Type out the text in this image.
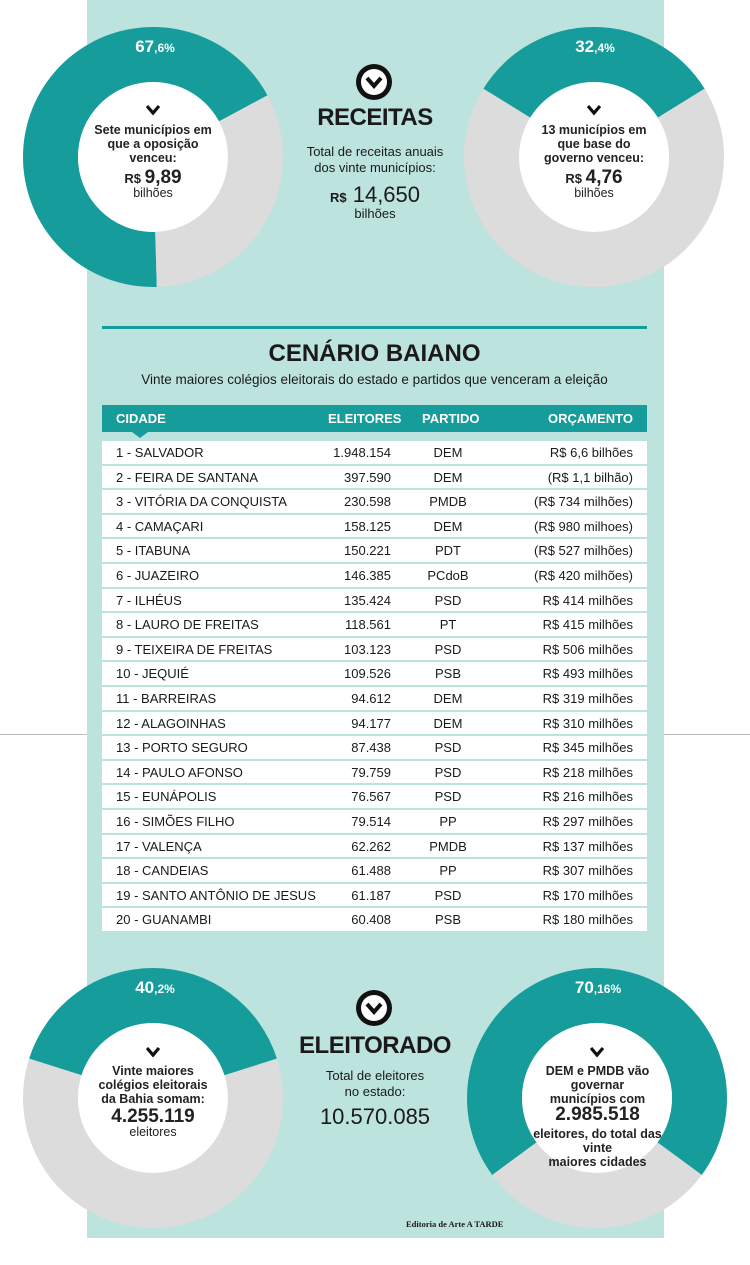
67,6%
Sete municípios em
que a oposição
venceu:
R$ 9,89
bilhões
32,4%
13 municípios em
que base do
governo venceu:
R$ 4,76
bilhões
RECEITAS
Total de receitas anuais
dos vinte municípios:
R$ 14,650
bilhões
CENÁRIO BAIANO
Vinte maiores colégios eleitorais do estado e partidos que venceram a eleição
CIDADE	ELEITORES PARTIDO	ORÇAMENTO
1 - SALVADOR	1.948.154	DEM	R$ 6,6 bilhões
2 - FEIRA DE SANTANA	397.590	DEM	(R$ 1,1 bilhão)
3 - VITÓRIA DA CONQUISTA	230.598	PMDB	(R$ 734 milhões)
4 - CAMAÇARI	158.125	DEM	(R$ 980 milhoes)
5 - ITABUNA	150.221	PDT	(R$ 527 milhões)
6 - JUAZEIRO	146.385	PCdoB	(R$ 420 milhões)
7 - ILHÉUS	135.424	PSD	R$ 414 milhões
8 - LAURO DE FREITAS	118.561	PT	R$ 415 milhões
9 - TEIXEIRA DE FREITAS	103.123	PSD	R$ 506 milhões
10 - JEQUIÉ	109.526	PSB	R$ 493 milhões
11 - BARREIRAS	94.612	DEM	R$ 319 milhões
12 - ALAGOINHAS	94.177	DEM	R$ 310 milhões
13 - PORTO SEGURO	87.438	PSD	R$ 345 milhões
14 - PAULO AFONSO	79.759	PSD	R$ 218 milhões
15 - EUNÁPOLIS	76.567	PSD	R$ 216 milhões
16 - SIMÕES FILHO	79.514	PP	R$ 297 milhões
17 - VALENÇA	62.262	PMDB	R$ 137 milhões
18 - CANDEIAS	61.488	PP	R$ 307 milhões
19 - SANTO ANTÔNIO DE JESUS	61.187	PSD	R$ 170 milhões
20 - GUANAMBI	60.408	PSB	R$ 180 milhões
40,2%
Vinte maiores
colégios eleitorais
da Bahia somam:
4.255.119
eleitores
70,16%
DEM e PMDB vão governar
municípios com
2.985.518
eleitores, do total das vinte
maiores cidades
ELEITORADO
Total de eleitores
no estado:
10.570.085
Editoria de Arte A TARDE
